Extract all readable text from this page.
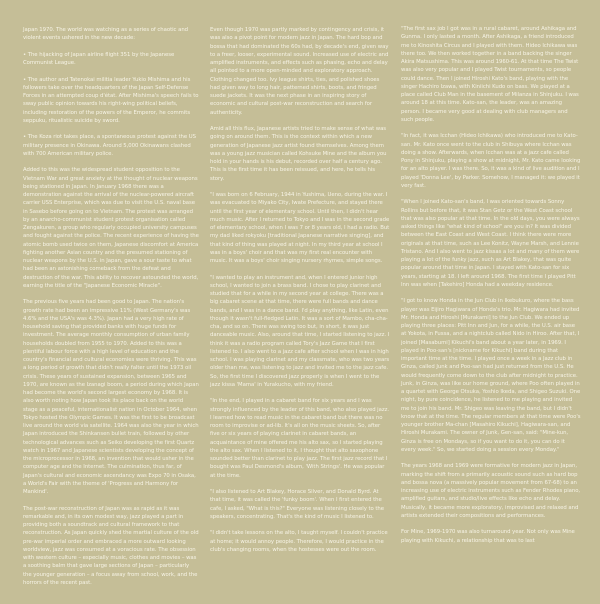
Japan 1970. The world was watching as a series of chaotic and violent events ushered in the new decade:

• The hijacking of Japan airline flight 351 by the Japanese Communist League.

• The author and Tatenokai militia leader Yukio Mishima and his followers take over the headquarters of the Japan Self-Defense Forces in an attempted coup d'état. After Mishima's speech fails to sway public opinion towards his right-wing political beliefs, including restoration of the powers of the Emperor, he commits seppuku, ritualistic suicide by sword.

• The Koza riot takes place, a spontaneous protest against the US military presence in Okinawa. Around 5,000 Okinawans clashed with 700 American military police.

Added to this was the widespread student opposition to the Vietnam War and great anxiety at the thought of nuclear weapons being stationed in Japan. In January 1968 there was a demonstration against the arrival of the nuclear-powered aircraft carrier USS Enterprise, which was due to visit the U.S. naval base in Sasebo before going on to Vietnam. The protest was arranged by an anarcho-communist student protest organisation called Zengakuren, a group who regularly occupied university campuses and fought against the police. The recent experience of having the atomic bomb used twice on them, Japanese discomfort at America fighting another Asian country and the presumed stationing of nuclear weapons by the U.S. in Japan, gave a sour taste to what had been an astonishing comeback from the defeat and destruction of the war. This ability to recover astounded the world, earning the title of the "Japanese Economic Miracle".

The previous five years had been good to Japan. The nation's growth rate had been an impressive 11% (West Germany's was 4.6% and the USA's was 4.3%). Japan had a very high rate of household saving that provided banks with huge funds for investment. The average monthly consumption of urban family households doubled from 1955 to 1970. Added to this was a plentiful labour force with a high level of education and the country's financial and cultural economies were thriving. This was a long period of growth that didn't really falter until the 1973 oil crisis. These years of sustained expansion, between 1965 and 1970, are known as the Izanagi boom, a period during which Japan had become the world's second largest economy by 1968. It is also worth noting how Japan took its place back on the world stage as a peaceful, internationalist nation in October 1964, when Tokyo hosted the Olympic Games. It was the first to be broadcast live around the world via satellite. 1964 was also the year in which Japan introduced the Shinkansen bullet train, followed by other technological advances such as Seiko developing the first Quartz watch in 1967 and Japanese scientists developing the concept of the microprocessor in 1968, an invention that would usher in the computer age and the Internet. The culmination, thus far, of Japan's cultural and economic ascendancy was Expo 70 in Osaka, a World's Fair with the theme of 'Progress and Harmony for Mankind'.

The post-war reconstruction of Japan was as rapid as it was remarkable and, in its own modest way, jazz played a part in providing both a soundtrack and cultural framework to that reconstruction. As Japan quickly shed the martial culture of the old pre-war imperial order and embraced a more outward looking worldview, jazz was consumed at a voracious rate. The obsession with western culture – especially music, clothes and movies – was a soothing balm that gave large sections of Japan – particularly the younger generation – a focus away from school, work, and the horrors of the recent past.

Even though 1970 was partly marked by contingency and crisis, it was also a pivot point for modern jazz in Japan. The hard bop and bossa that had dominated the 60s had, by decade's end, given way to a freer, looser, experimental sound. Increased use of electric and amplified instruments, and effects such as phasing, echo and delay all pointed to a more open-minded and exploratory approach. Clothing changed too. Ivy league shirts, ties, and polished shoes had given way to long hair, patterned shirts, boots, and fringed suede jackets. It was the next phase in an inspiring story of economic and cultural post-war reconstruction and search for authenticity.

Amid all this flux, Japanese artists tried to make sense of what was going on around them. This is the context within which a new generation of Japanese jazz artist found themselves. Among them was a young jazz musician called Kohsuke Mine and the album you hold in your hands is his debut, recorded over half a century ago. This is the first time it has been reissued, and here, he tells his story.

"I was born on 6 February, 1944 in Yushima, Ueno, during the war. I was evacuated to Miyako City, Iwate Prefecture, and stayed there until the first year of elementary school. Until then, I didn't hear much music. After I returned to Tokyo and I was in the second grade of elementary school, when I was 7 or 8 years old, I had a radio. But my dad liked rokyoku [traditional Japanese narrative singing], and that kind of thing was played at night. In my third year at school I was in a boys' choir and that was my first real encounter with music. It was a boys' choir singing nursery rhymes, simple songs.

"I wanted to play an instrument and, when I entered junior high school, I wanted to join a brass band. I chose to play clarinet and studied that for a while in my second year at college. There was a big cabaret scene at that time, there were full bands and dance bands, and I was in a dance band. I'd play anything, like Latin, even though it wasn't full-fledged Latin. It was a sort of Mambo, cha-cha-cha, and so on. There was swing too but, in short, it was just danceable music. Also, around that time, I started listening to jazz. I think it was a radio program called Tory's Jazz Game that I first listened to. I also went to a jazz cafe after school when I was in high school. I was playing clarinet and my classmate, who was two years older than me, was listening to jazz and invited me to the jazz cafe. So, the first time I discovered jazz properly is when I went to the jazz kissa 'Mama' in Yurakucho, with my friend.

"In the end, I played in a cabaret band for six years and I was strongly influenced by the leader of this band, who also played jazz. I learned how to read music in the cabaret band but there was no room to improvise or ad-lib. It's all on the music sheets. So, after five or six years of playing clarinet in cabaret bands, an acquaintance of mine offered me his alto sax, so I started playing the alto sax. When I listened to it, I thought that alto saxophone sounded better than clarinet to play jazz. The first jazz record that I bought was Paul Desmond's album, 'With Strings'. He was popular at the time.

"I also listened to Art Blakey, Horace Silver, and Donald Byrd. At that time, it was called the 'funky boom'. When I first entered the cafe, I asked, "What is this?" Everyone was listening closely to the speakers, concentrating. That's the kind of music I listened to.

"I didn't take lessons on the alto, I taught myself. I couldn't practice at home; it would annoy people. Therefore, I would practice in the club's changing rooms, when the hostesses were out the room.

"The first sax job I got was in a rural cabaret, around Ashikaga and Gunma. I only lasted a month. After Ashikaga, a friend introduced me to Kinoshita Circus and I played with them. Hideo Ichikawa was there too. We then worked together in a band backing the singer Akira Matsushima. This was around 1960-61. At that time The Twist was also very popular and I played Twist tournaments, so people could dance. Then I joined Hiroshi Kato's band, playing with the singer Hachiro Izawa, with Kiniichi Kudo on bass. We played at a place called Club Man in the basement of Milanza in Shinjuku. I was around 18 at this time. Kato-san, the leader, was an amazing person. I became very good at dealing with club managers and such people.

"In fact, it was Icchan (Hideo Ichikawa) who introduced me to Kato-san. Mr. Kato once went to the club in Shibuya where Icchan was doing a show. Afterwards, when Icchan was at a jazz cafe called Pony in Shinjuku, playing a show at midnight, Mr. Kato came looking for an alto player. I was there. So, it was a kind of live audition and I played 'Donna Lee', by Parker. Somehow, I managed it: we played it very fast.

"When I joined Kato-san's band, I was oriented towards Sonny Rollins but before that, it was Stan Getz or the West Coast school that was also popular at that time. In the old days, you were always asked things like "what kind of school" are you in? It was divided between the East Coast and West Coast. I think there were more originals at that time, such as Lee Konitz, Wayne Marsh, and Lennie Tristano. And I also went to jazz kissas a lot and many of them were playing a lot of the funky jazz, such as Art Blakey, that was quite popular around that time in Japan. I stayed with Kato-san for six years, starting at 18. I left around 1968. The first time I played Pitt Inn was when [Takehiro] Honda had a weekday residence.

"I got to know Honda in the Jun Club in Ikebukuro, where the bass player was Eijiro Hagiwara of Honda's trio. Mr. Hagiwara had invited Mr. Honda and Hiroshi [Murakami] to the Jun Club. We ended up playing three places: Pitt Inn and Jun, for a while, the U.S. air base at Yokota, in Fussa, and a nightclub called Nido in Hiroo. After that, I joined [Masabumi] Kikuchi's band about a year later, in 1969. I played in Poo-san's [nickname for Kikuchi] band during that important time at the time. I played once a week in a Jazz club in Ginza, called Junk and Poo-san had just returned from the U.S. He would frequently come down to the club after midnight to practice. Junk, in Ginza, was like our home ground, where Poo often played in a quartet with George Otsuka, Yoshio Ikeda, and Shigeo Suzuki. One night, by pure coincidence, he listened to me playing and invited me to join his band. Mr. Shigeo was leaving the band, but I didn't know that at the time. The regular members at that time were Poo's younger brother Ma-chan [Masahiro Kikuchi], Hagiwara-san, and Hiroshi Murakami. The owner of Junk, Gen-san, said: "Mine-kun, Ginza is free on Mondays, so if you want to do it, you can do it every week." So, we started doing a session every Monday."

The years 1968 and 1969 were formative for modern jazz in Japan, marking the shift from a primarily acoustic sound such as hard bop and bossa nova (a massively popular movement from 67-68) to an increasing use of electric instruments such as Fender Rhodes piano, amplified guitars, and studio/live effects like echo and delay. Musically, it became more exploratory, improvised and relaxed and artists extended their compositions and performances.

For Mine, 1969-1970 was also turnaround year. Not only was Mine playing with Kikuchi, a relationship that was to last
